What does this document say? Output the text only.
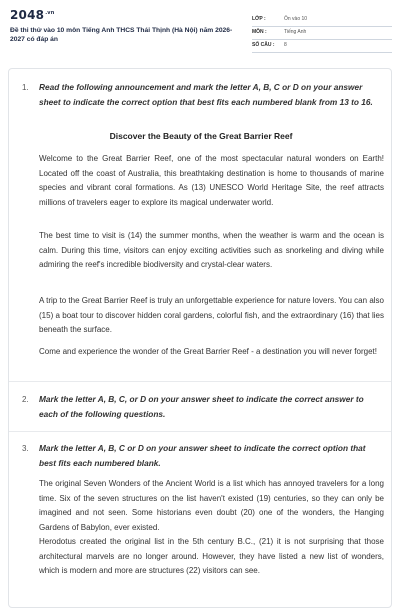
$2048^{.vn}$
Đề thi thử vào 10 môn Tiếng Anh THCS Thái Thịnh (Hà Nội) năm 2026-2027 có đáp án
LỚP :	Ôn vào 10
MÔN :	Tiếng Anh
SỐ CÂU : 8
1. Read the following announcement and mark the letter A, B, C or D on your answer sheet to indicate the correct option that best fits each numbered blank from 13 to 16.
Discover the Beauty of the Great Barrier Reef
Welcome to the Great Barrier Reef, one of the most spectacular natural wonders on Earth! Located off the coast of Australia, this breathtaking destination is home to thousands of marine species and vibrant coral formations. As (13) UNESCO World Heritage Site, the reef attracts millions of travelers eager to explore its magical underwater world.
The best time to visit is (14) the summer months, when the weather is warm and the ocean is calm. During this time, visitors can enjoy exciting activities such as snorkeling and diving while admiring the reef's incredible biodiversity and crystal-clear waters.
A trip to the Great Barrier Reef is truly an unforgettable experience for nature lovers. You can also (15) a boat tour to discover hidden coral gardens, colorful fish, and the extraordinary (16) that lies beneath the surface.
Come and experience the wonder of the Great Barrier Reef - a destination you will never forget!
2. Mark the letter A, B, C, or D on your answer sheet to indicate the correct answer to each of the following questions.
3. Mark the letter A, B, C or D on your answer sheet to indicate the correct option that best fits each numbered blank.
The original Seven Wonders of the Ancient World is a list which has annoyed travelers for a long time. Six of the seven structures on the list haven't existed (19) centuries, so they can only be imagined and not seen. Some historians even doubt (20) one of the wonders, the Hanging Gardens of Babylon, ever existed.
Herodotus created the original list in the 5th century B.C., (21) it is not surprising that those architectural marvels are no longer around. However, they have listed a new list of wonders, which is modern and more are structures (22) visitors can see.
